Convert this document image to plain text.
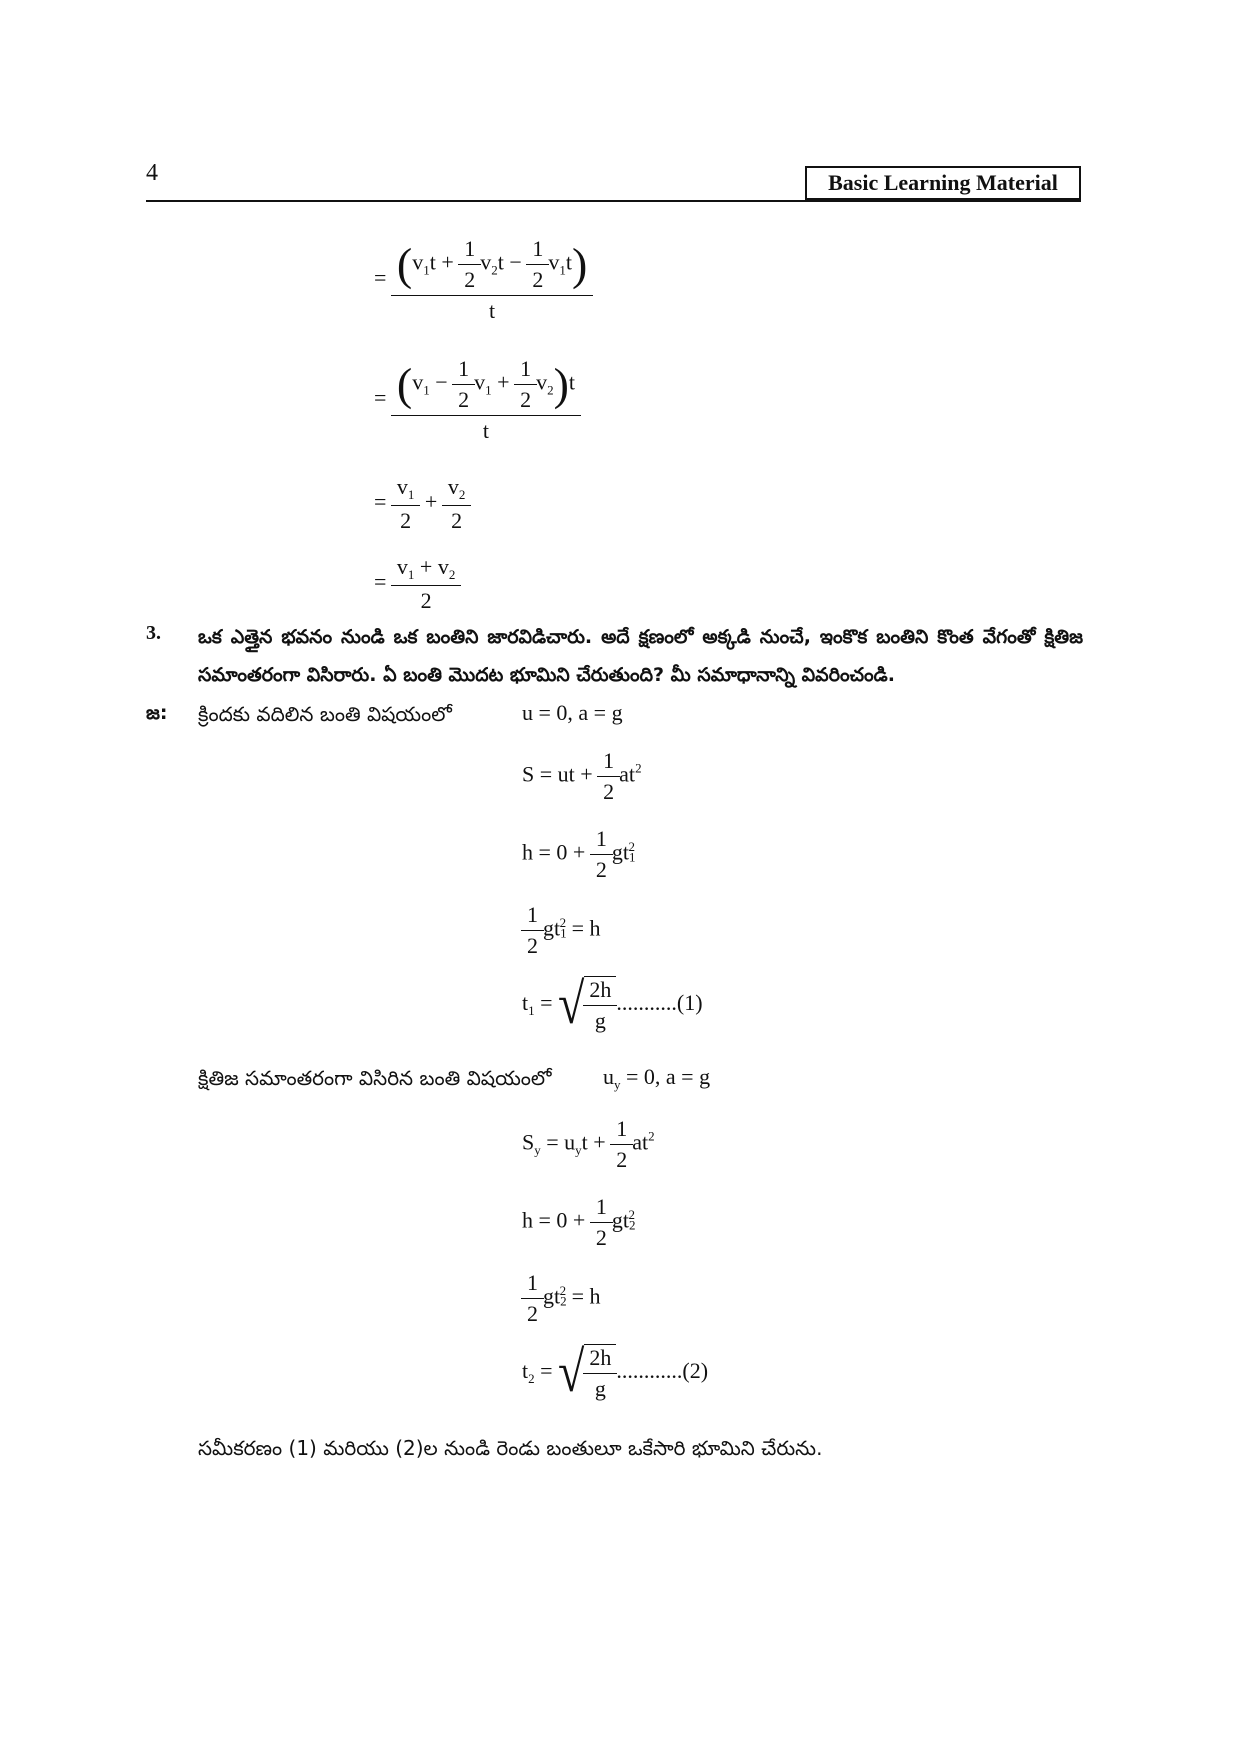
4	Basic Learning Material
= $\frac{(v_1t + \frac{1}{2} v_2t - \frac{1}{2} v_1t)}{t}$
= $\frac{(v_1 - \frac{1}{2} v_1 + \frac{1}{2} v_2)t}{t}$
= $\frac{v_1}{2} + \frac{v_2}{2}$
= $\frac{v_1 + v_2}{2}$
3. ఒక ఎత్తైన భవనం నుండి ఒక బంతిని జారవిడిచారు. అదే క్షణంలో అక్కడి నుంచే, ఇంకొక బంతిని కొంత వేగంతో క్షితిజ సమాంతరంగా విసిరారు. ఏ బంతి మొదట భూమిని చేరుతుంది? మీ సమాధానాన్ని వివరించండి.
జ: క్రిందకు వదిలిన బంతి విషయంలో	u = 0, a = g
S = ut + $\frac{1}{2} at^2$
$h = 0 + \frac{1}{2} gt1^2$
$\frac{1}{2} gt1^2 = h$
$t_1$ = √ $\frac{2h}{g} ...........(1)$
క్షితిజ సమాంతరంగా విసిరిన బంతి విషయంలో $u_y = 0$, a = g
$S_y = u_yt + \frac{1}{2} at^2$
$h = 0 + \frac{1}{2} gt2^2$
$\frac{1}{2} gt2^2 = h$
$t_2$ = √ $\frac{2h}{g} ............(2)$
సమీకరణం (1) మరియు (2)ల నుండి రెండు బంతులూ ఒకేసారి భూమిని చేరును.
